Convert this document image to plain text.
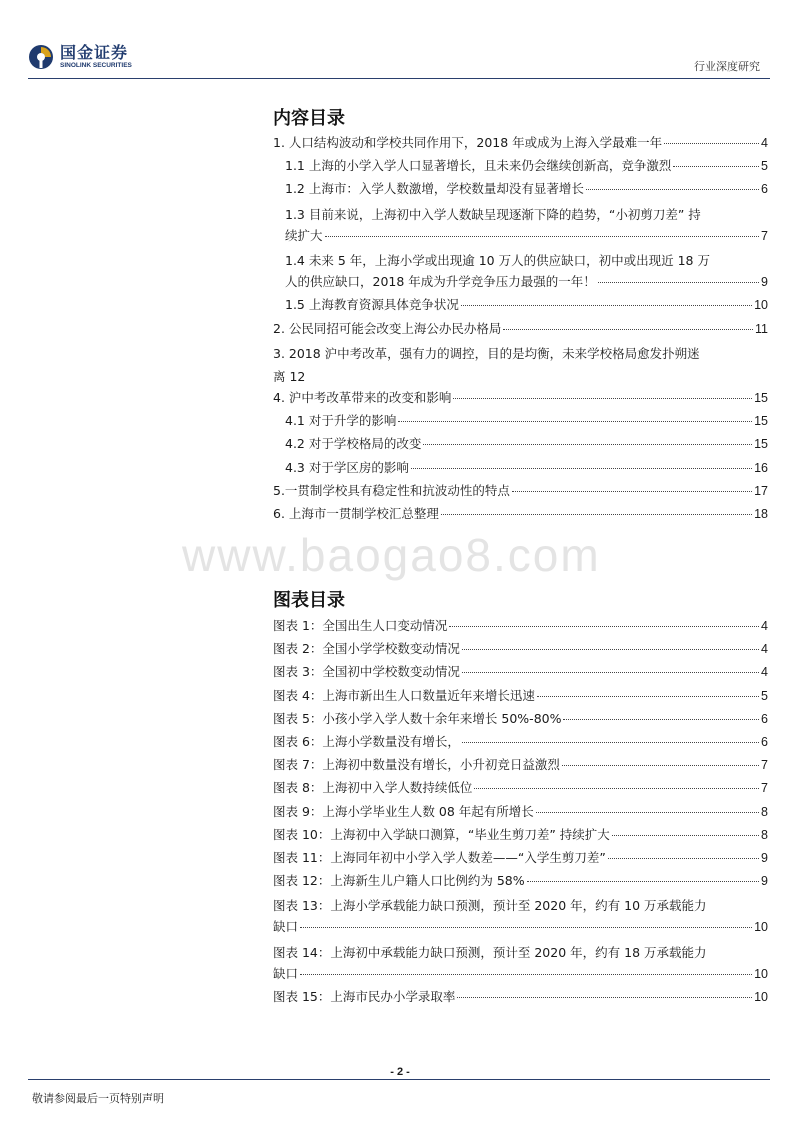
国金证券
SINOLINK SECURITIES	行业深度研究
www.baogao8.com
内容目录
1. 人口结构波动和学校共同作用下，2018 年或成为上海入学最难一年	4
1.1 上海的小学入学人口显著增长，且未来仍会继续创新高，竞争激烈	5
1.2 上海市：入学人数激增，学校数量却没有显著增长	6
1.3 目前来说，上海初中入学人数缺呈现逐渐下降的趋势，“小初剪刀差” 持
续扩大	7
1.4 未来 5 年，上海小学或出现逾 10 万人的供应缺口，初中或出现近 18 万
人的供应缺口，2018 年成为升学竞争压力最强的一年！	9
1.5 上海教育资源具体竞争状况	10
2. 公民同招可能会改变上海公办民办格局	11
3. 2018 沪中考改革，强有力的调控，目的是均衡，未来学校格局愈发扑朔迷
离 12
4. 沪中考改革带来的改变和影响	15
4.1 对于升学的影响	15
4.2 对于学校格局的改变	15
4.3 对于学区房的影响	16
5.一贯制学校具有稳定性和抗波动性的特点	17
6. 上海市一贯制学校汇总整理	18
图表目录
图表 1：全国出生人口变动情况	4
图表 2：全国小学学校数变动情况	4
图表 3：全国初中学校数变动情况	4
图表 4：上海市新出生人口数量近年来增长迅速	5
图表 5：小孩小学入学人数十余年来增长 50%-80%	6
图表 6：上海小学数量没有增长，	6
图表 7：上海初中数量没有增长，小升初竞日益激烈	7
图表 8：上海初中入学人数持续低位	7
图表 9：上海小学毕业生人数 08 年起有所增长	8
图表 10：上海初中入学缺口测算，“毕业生剪刀差” 持续扩大	8
图表 11：上海同年初中小学入学人数差——“入学生剪刀差”	9
图表 12：上海新生儿户籍人口比例约为 58%	9
图表 13：上海小学承载能力缺口预测，预计至 2020 年，约有 10 万承载能力
缺口	10
图表 14：上海初中承载能力缺口预测，预计至 2020 年，约有 18 万承载能力
缺口	10
图表 15：上海市民办小学录取率	10
- 2 -
敬请参阅最后一页特别声明
